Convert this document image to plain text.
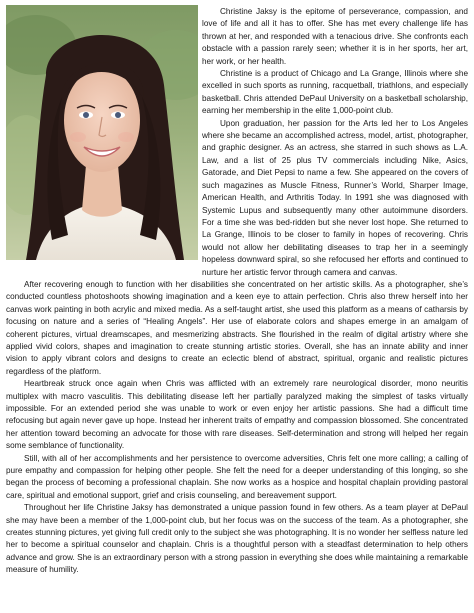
Christine Jaksy is the epitome of perseverance, compassion, and love of life and all it has to offer. She has met every challenge life has thrown at her, and responded with a tenacious drive. She confronts each obstacle with a passion rarely seen; whether it is in her sports, her art, her work, or her health.

Christine is a product of Chicago and La Grange, Illinois where she excelled in such sports as running, racquetball, triathlons, and especially basketball. Chris attended DePaul University on a basketball scholarship, earning her membership in the elite 1,000-point club.

Upon graduation, her passion for the Arts led her to Los Angeles where she became an accomplished actress, model, artist, photographer, and graphic designer. As an actress, she starred in such shows as L.A. Law, and a list of 25 plus TV commercials including Nike, Asics, Gatorade, and Diet Pepsi to name a few. She appeared on the covers of such magazines as Muscle Fitness, Runner’s World, Sharper Image, American Health, and Arthritis Today. In 1991 she was diagnosed with Systemic Lupus and subsequently many other autoimmune disorders. For a time she was bed-ridden but she never lost hope. She returned to La Grange, Illinois to be closer to family in hopes of recovering. Chris would not allow her debilitating diseases to trap her in a seemingly hopeless downward spiral, so she refocused her efforts and continued to nurture her artistic fervor through camera and canvas.

After recovering enough to function with her disabilities she concentrated on her artistic skills. As a photographer, she’s conducted countless photoshoots showing imagination and a keen eye to attain perfection. Chris also threw herself into her canvas work painting in both acrylic and mixed media. As a self-taught artist, she used this platform as a means of catharsis by focusing on nature and a series of “Healing Angels”. Her use of elaborate colors and shapes emerge in an amalgam of coherent pictures, virtual dreamscapes, and mesmerizing abstracts. She flourished in the realm of digital artistry where she applied vivid colors, shapes and imagination to create stunning artistic stories. Overall, she has an innate ability and inner vision to apply vibrant colors and designs to create an eclectic blend of abstract, spiritual, organic and realistic pictures regardless of the platform.

Heartbreak struck once again when Chris was afflicted with an extremely rare neurological disorder, mono neuritis multiplex with macro vasculitis. This debilitating disease left her partially paralyzed making the simplest of tasks virtually impossible. For an extended period she was unable to work or even enjoy her artistic passions. She had a difficult time refocusing but again never gave up hope. Instead her inherent traits of empathy and compassion blossomed. She concentrated her attention toward becoming an advocate for those with rare diseases. Self-determination and strong will helped her regain some semblance of functionality.

Still, with all of her accomplishments and her persistence to overcome adversities, Chris felt one more calling; a calling of pure empathy and compassion for helping other people. She felt the need for a deeper understanding of this longing, so she began the process of becoming a professional chaplain. She now works as a hospice and hospital chaplain providing pastoral care, spiritual and emotional support, grief and crisis counseling, and bereavement support.

Throughout her life Christine Jaksy has demonstrated a unique passion found in few others. As a team player at DePaul she may have been a member of the 1,000-point club, but her focus was on the success of the team. As a photographer, she creates stunning pictures, yet giving full credit only to the subject she was photographing. It is no wonder her selfless nature led her to become a spiritual counselor and chaplain. Chris is a thoughtful person with a steadfast determination to help others advance and grow. She is an extraordinary person with a strong passion in everything she does while maintaining a remarkable measure of humility.
